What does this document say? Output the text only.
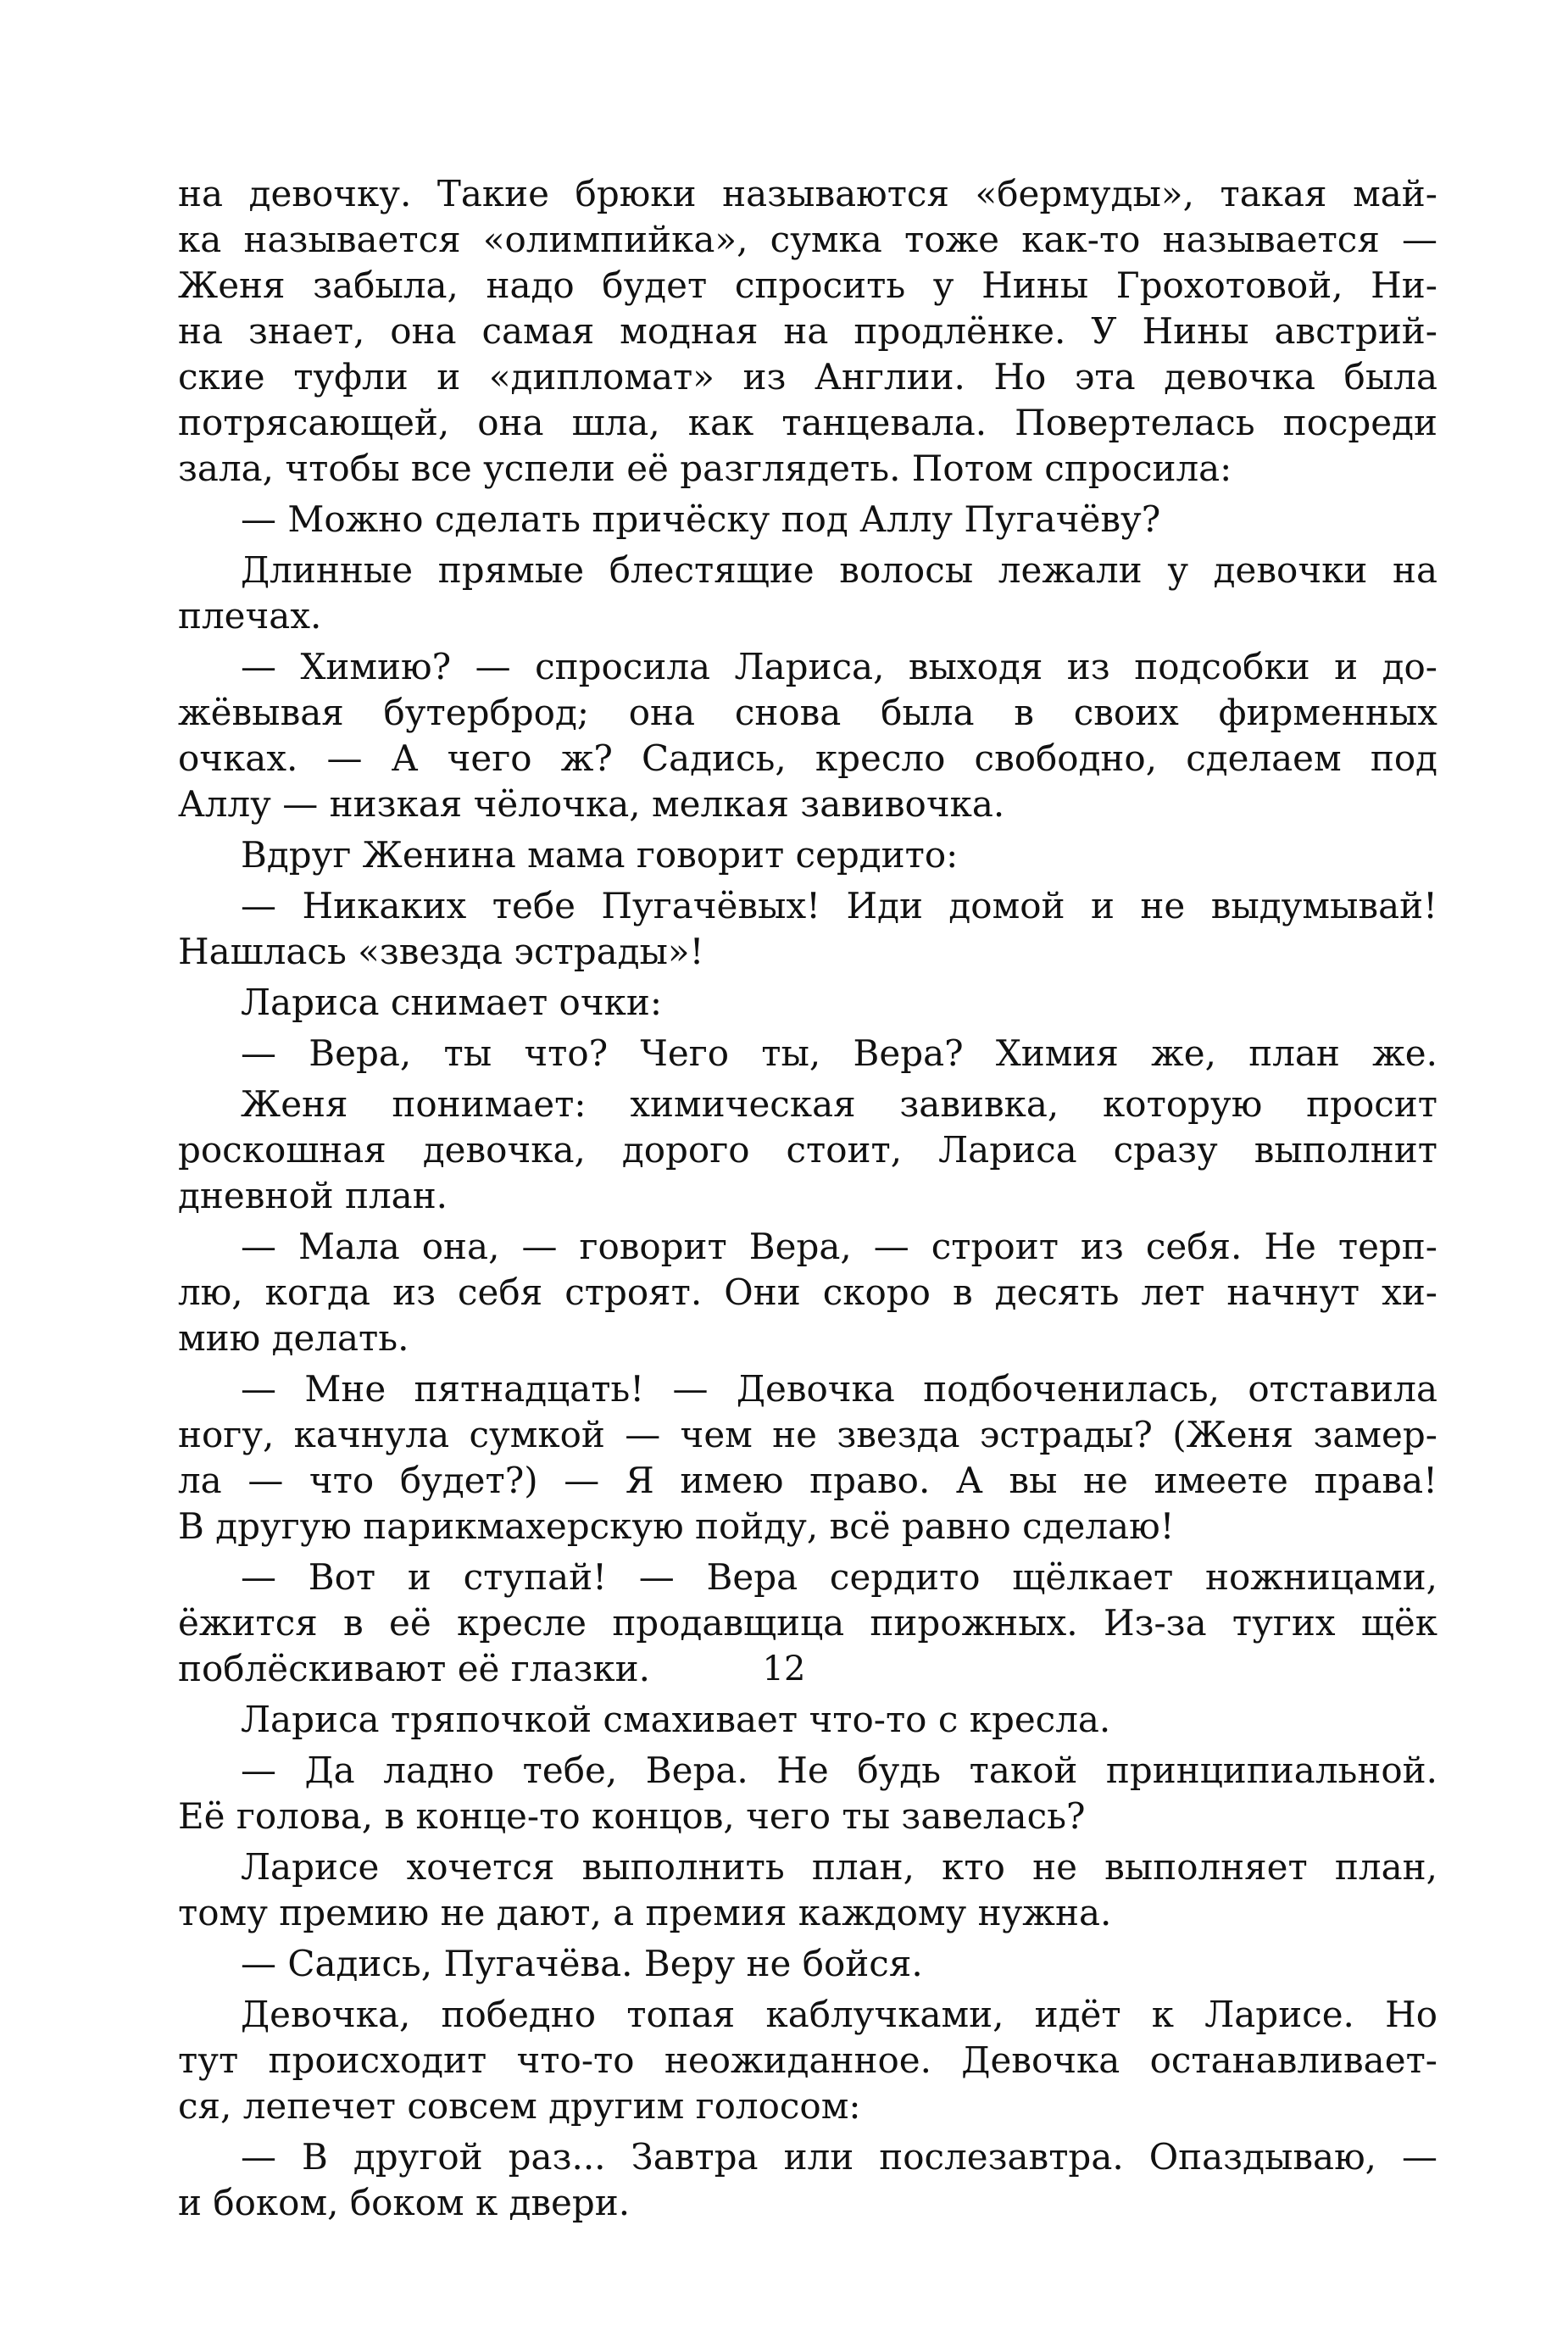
на девочку. Такие брюки называются «бермуды», такая май-
ка называется «олимпийка», сумка тоже как-то называется —
Женя забыла, надо будет спросить у Нины Грохотовой, Ни-
на знает, она самая модная на продлёнке. У Нины австрий-
ские туфли и «дипломат» из Англии. Но эта девочка была
потрясающей, она шла, как танцевала. Повертелась посреди
зала, чтобы все успели её разглядеть. Потом спросила:
— Можно сделать причёску под Аллу Пугачёву?
Длинные прямые блестящие волосы лежали у девочки на
плечах.
— Химию? — спросила Лариса, выходя из подсобки и до-
жёвывая бутерброд; она снова была в своих фирменных
очках. — А чего ж? Садись, кресло свободно, сделаем под
Аллу — низкая чёлочка, мелкая завивочка.
Вдруг Женина мама говорит сердито:
— Никаких тебе Пугачёвых! Иди домой и не выдумывай!
Нашлась «звезда эстрады»!
Лариса снимает очки:
— Вера, ты что? Чего ты, Вера? Химия же, план же.
Женя понимает: химическая завивка, которую просит
роскошная девочка, дорого стоит, Лариса сразу выполнит
дневной план.
— Мала она, — говорит Вера, — строит из себя. Не терп-
лю, когда из себя строят. Они скоро в десять лет начнут хи-
мию делать.
— Мне пятнадцать! — Девочка подбоченилась, отставила
ногу, качнула сумкой — чем не звезда эстрады? (Женя замер-
ла — что будет?) — Я имею право. А вы не имеете права!
В другую парикмахерскую пойду, всё равно сделаю!
— Вот и ступай! — Вера сердито щёлкает ножницами,
ёжится в её кресле продавщица пирожных. Из-за тугих щёк
поблёскивают её глазки.
Лариса тряпочкой смахивает что-то с кресла.
— Да ладно тебе, Вера. Не будь такой принципиальной.
Её голова, в конце-то концов, чего ты завелась?
Ларисе хочется выполнить план, кто не выполняет план,
тому премию не дают, а премия каждому нужна.
— Садись, Пугачёва. Веру не бойся.
Девочка, победно топая каблучками, идёт к Ларисе. Но
тут происходит что-то неожиданное. Девочка останавливает-
ся, лепечет совсем другим голосом:
— В другой раз... Завтра или послезавтра. Опаздываю, —
и боком, боком к двери.
12
